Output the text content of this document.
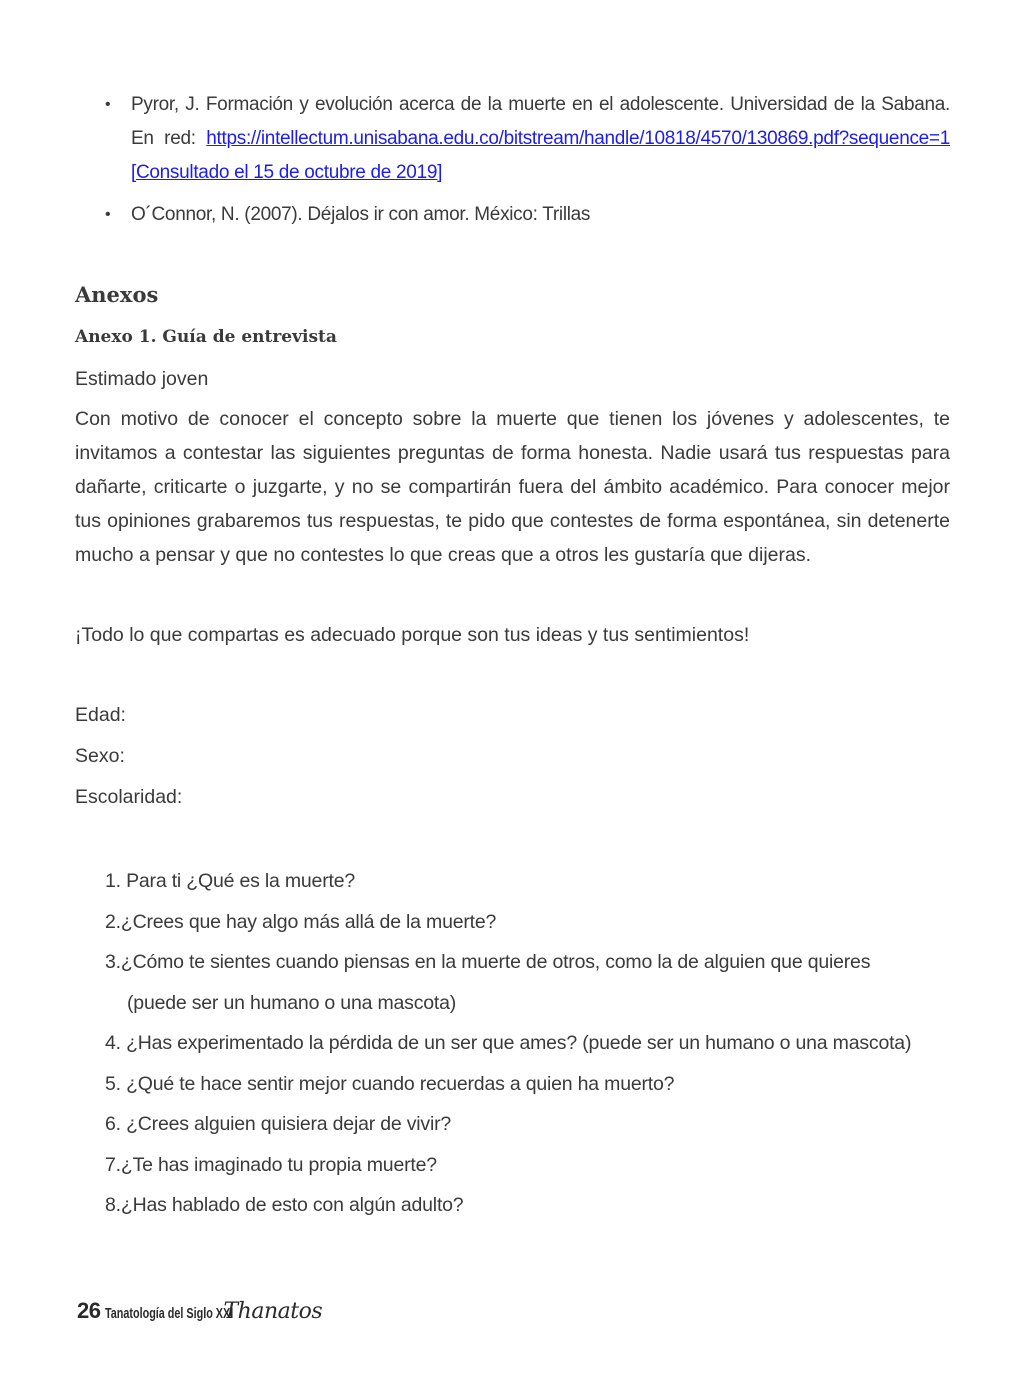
• Pyror, J. Formación y evolución acerca de la muerte en el adolescente. Universidad de la Sabana. En red: https://intellectum.unisabana.edu.co/bitstream/handle/10818/4570/130869.pdf?sequence=1 [Consultado el 15 de octubre de 2019]
• O´Connor, N. (2007). Déjalos ir con amor. México: Trillas
Anexos
Anexo 1. Guía de entrevista

Estimado joven

Con motivo de conocer el concepto sobre la muerte que tienen los jóvenes y adolescentes, te invitamos a contestar las siguientes preguntas de forma honesta. Nadie usará tus respuestas para dañarte, criticarte o juzgarte, y no se compartirán fuera del ámbito académico. Para conocer mejor tus opiniones grabaremos tus respuestas, te pido que contestes de forma espontánea, sin detenerte mucho a pensar y que no contestes lo que creas que a otros les gustaría que dijeras.

¡Todo lo que compartas es adecuado porque son tus ideas y tus sentimientos!

Edad:
Sexo:
Escolaridad:
1. Para ti ¿Qué es la muerte?
2.¿Crees que hay algo más allá de la muerte?
3.¿Cómo te sientes cuando piensas en la muerte de otros, como la de alguien que quieres
(puede ser un humano o una mascota)
4. ¿Has experimentado la pérdida de un ser que ames? (puede ser un humano o una mascota)
5. ¿Qué te hace sentir mejor cuando recuerdas a quien ha muerto?
6. ¿Crees alguien quisiera dejar de vivir?
7.¿Te has imaginado tu propia muerte?
8.¿Has hablado de esto con algún adulto?
26 Tanatología del Siglo XXI
Thanatos
